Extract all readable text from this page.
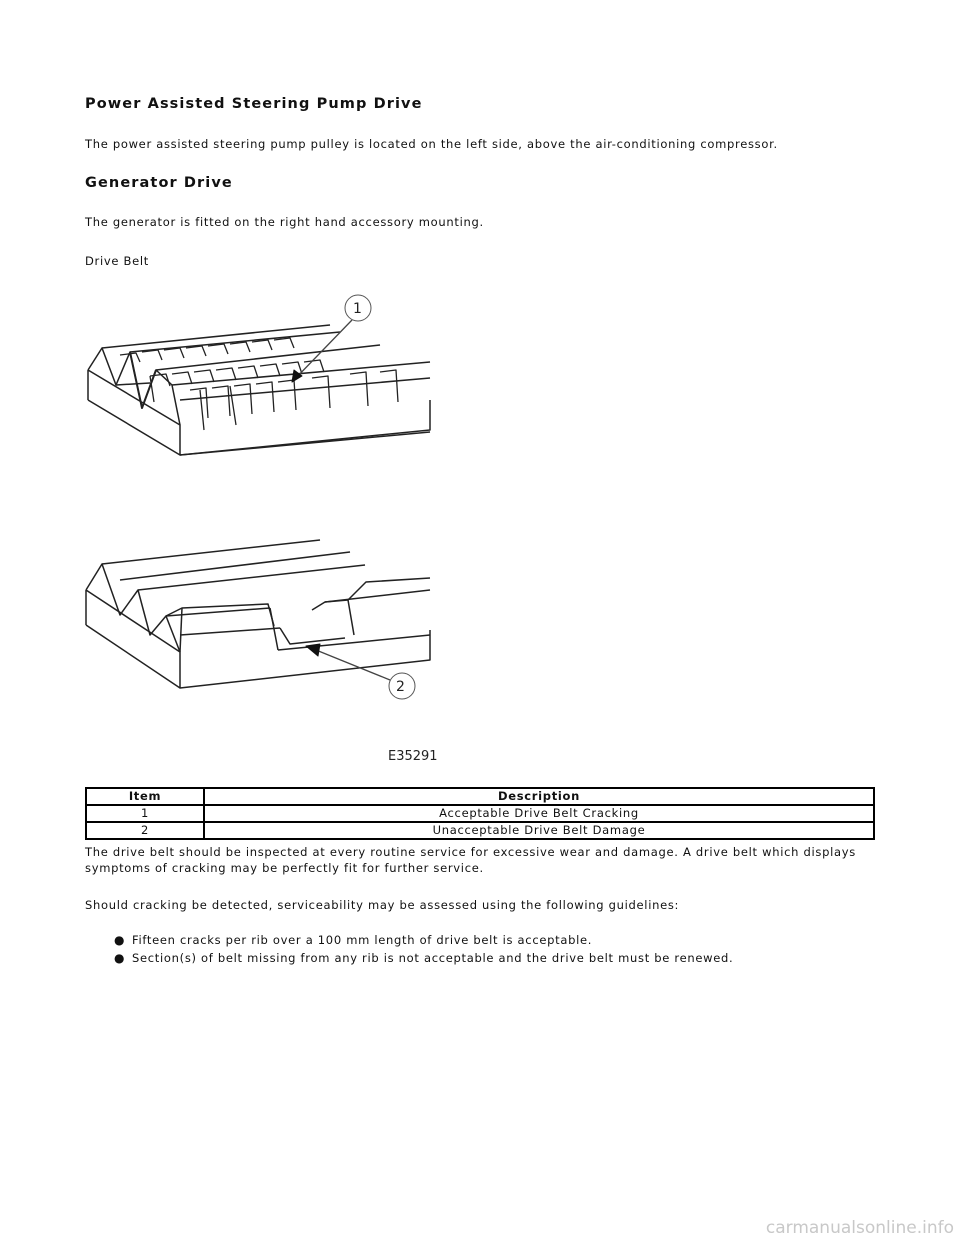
Power Assisted Steering Pump Drive

The power assisted steering pump pulley is located on the left side, above the air-conditioning compressor.

Generator Drive

The generator is fitted on the right hand accessory mounting.

Drive Belt

1
2
E35291
Item	Description
1	Acceptable Drive Belt Cracking
2	Unacceptable Drive Belt Damage

The drive belt should be inspected at every routine service for excessive wear and damage. A drive belt which displays

symptoms of cracking may be perfectly fit for further service.

Should cracking be detected, serviceability may be assessed using the following guidelines:

● Fifteen cracks per rib over a 100 mm length of drive belt is acceptable.
● Section(s) of belt missing from any rib is not acceptable and the drive belt must be renewed.
carmanualsonline.info
